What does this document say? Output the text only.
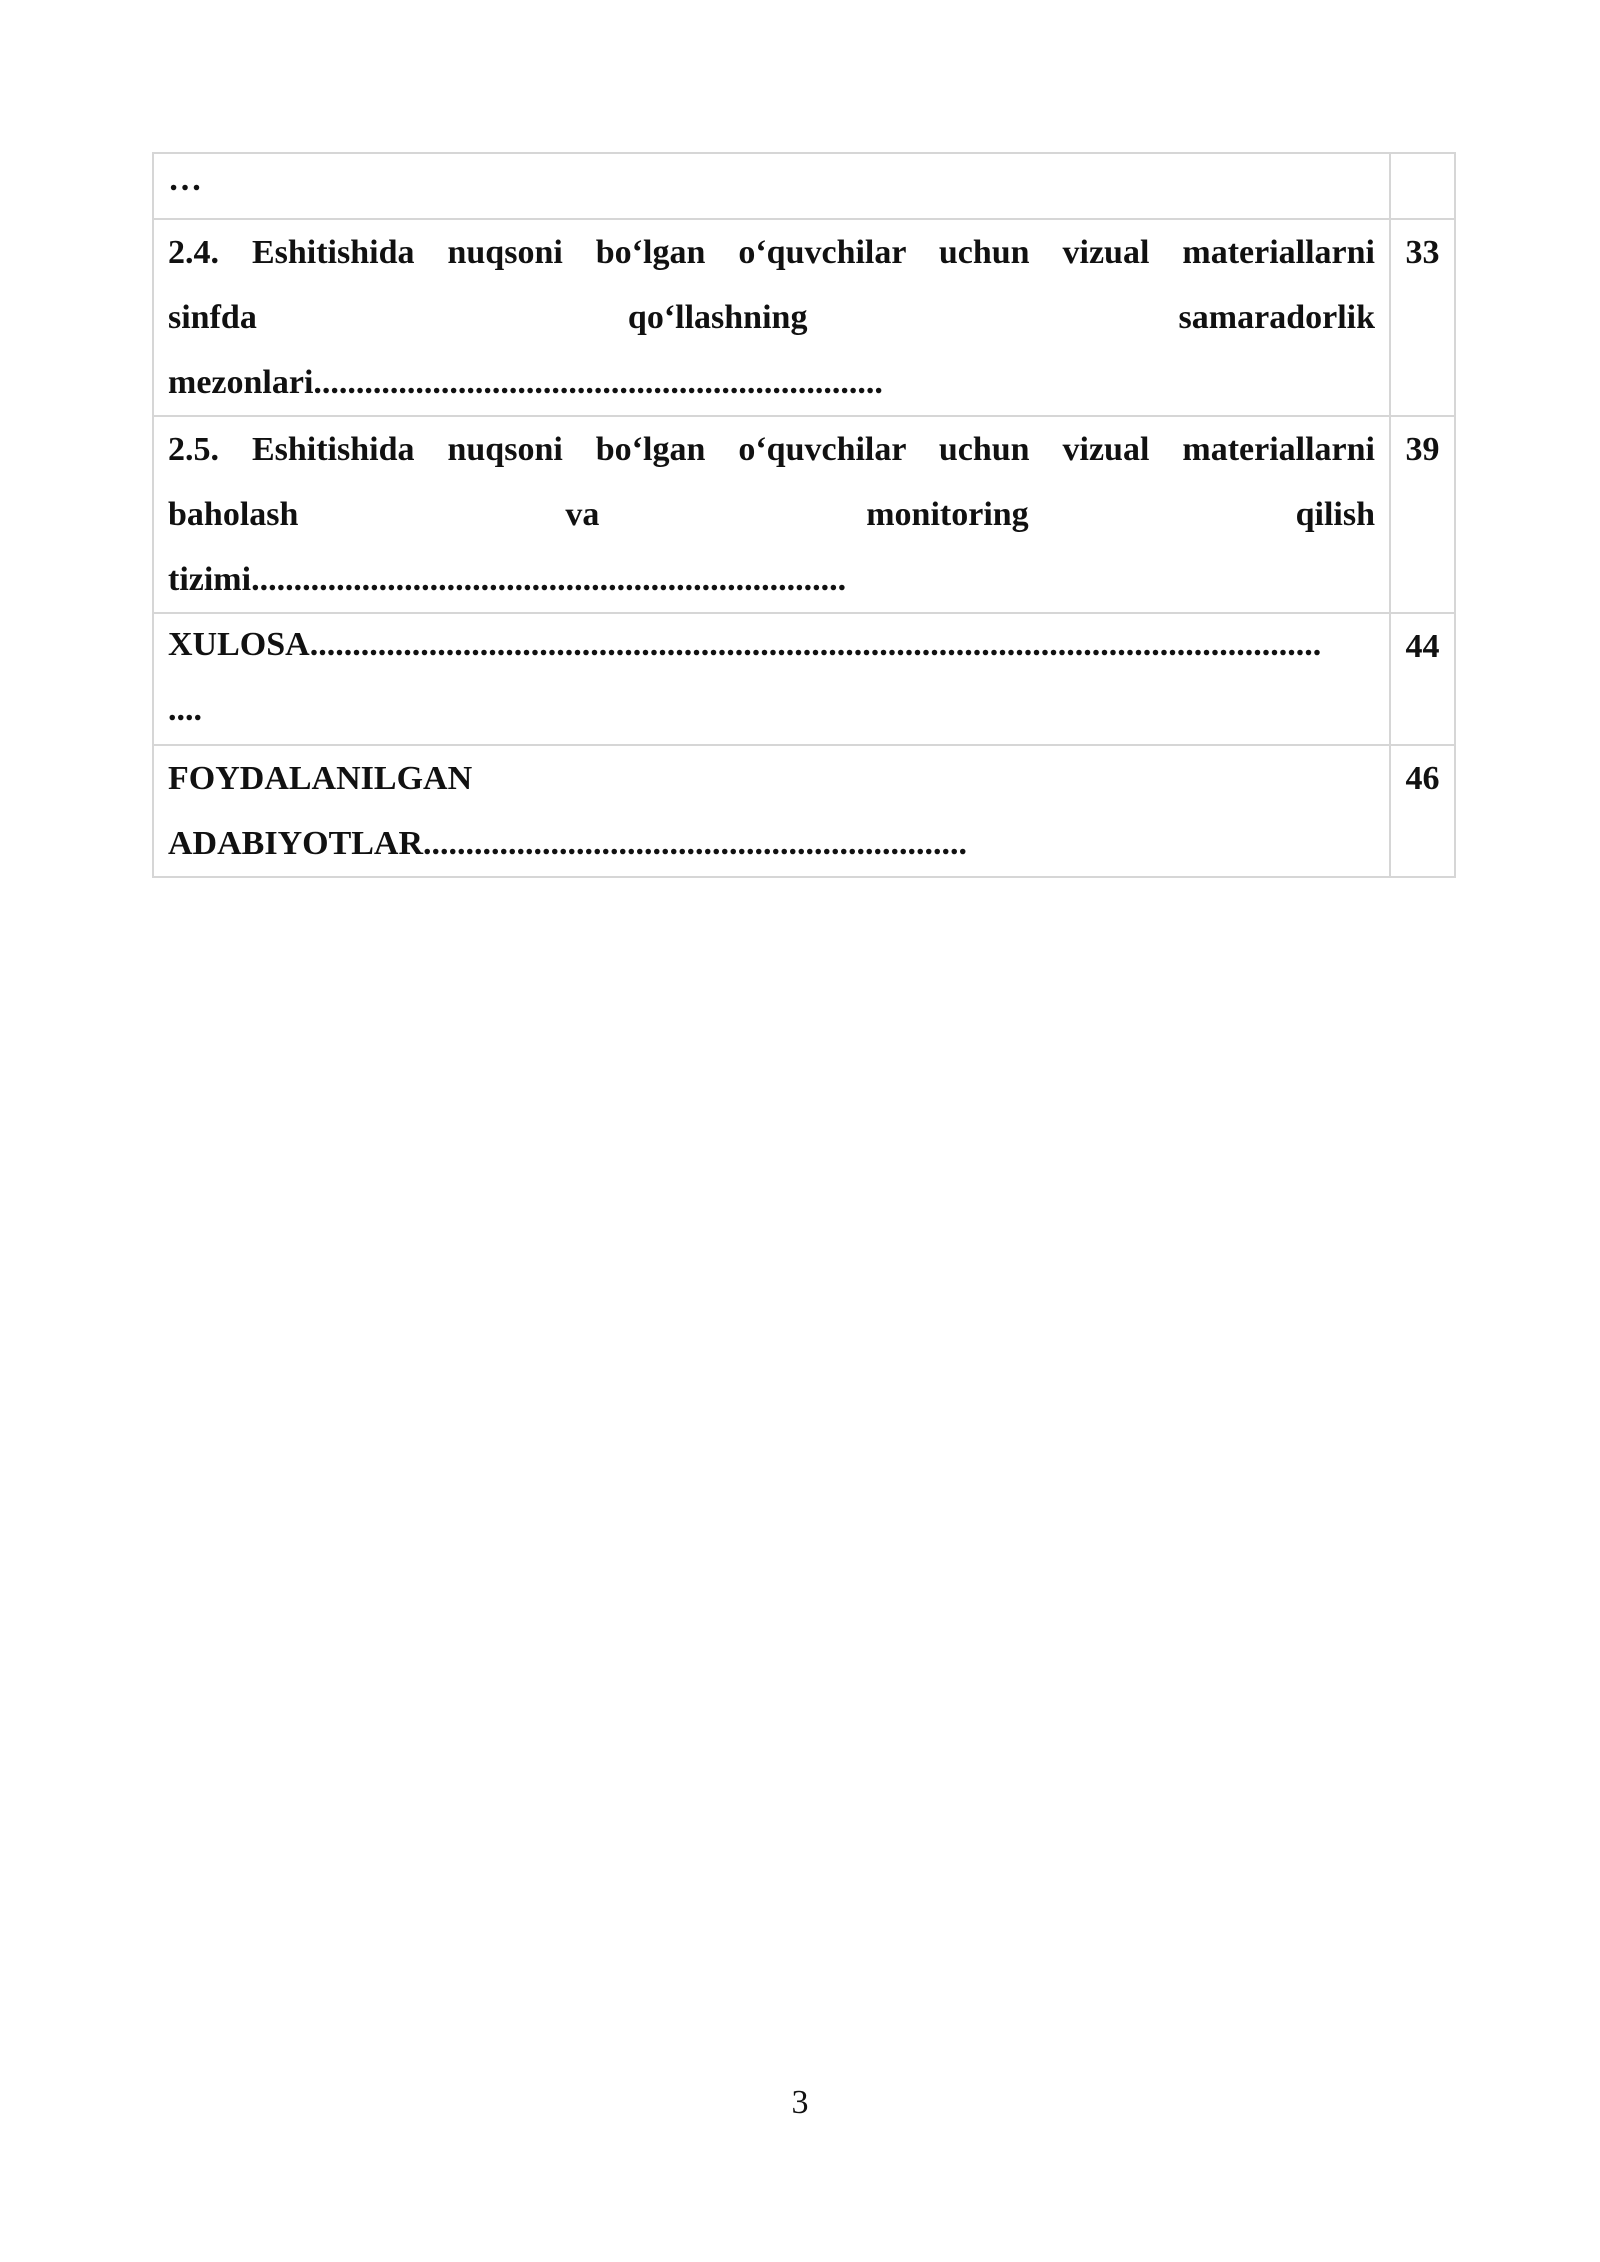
…	

2.4. Eshitishida nuqsoni bo‘lgan o‘quvchilar uchun vizual materiallarni
sinfda qo‘llashning samaradorlik
mezonlari...................................................................	33

2.5. Eshitishida nuqsoni bo‘lgan o‘quvchilar uchun vizual materiallarni
baholash va monitoring qilish
tizimi......................................................................	39

XULOSA.......................................................................................................................
....	44

FOYDALANILGAN
ADABIYOTLAR................................................................	46
3
